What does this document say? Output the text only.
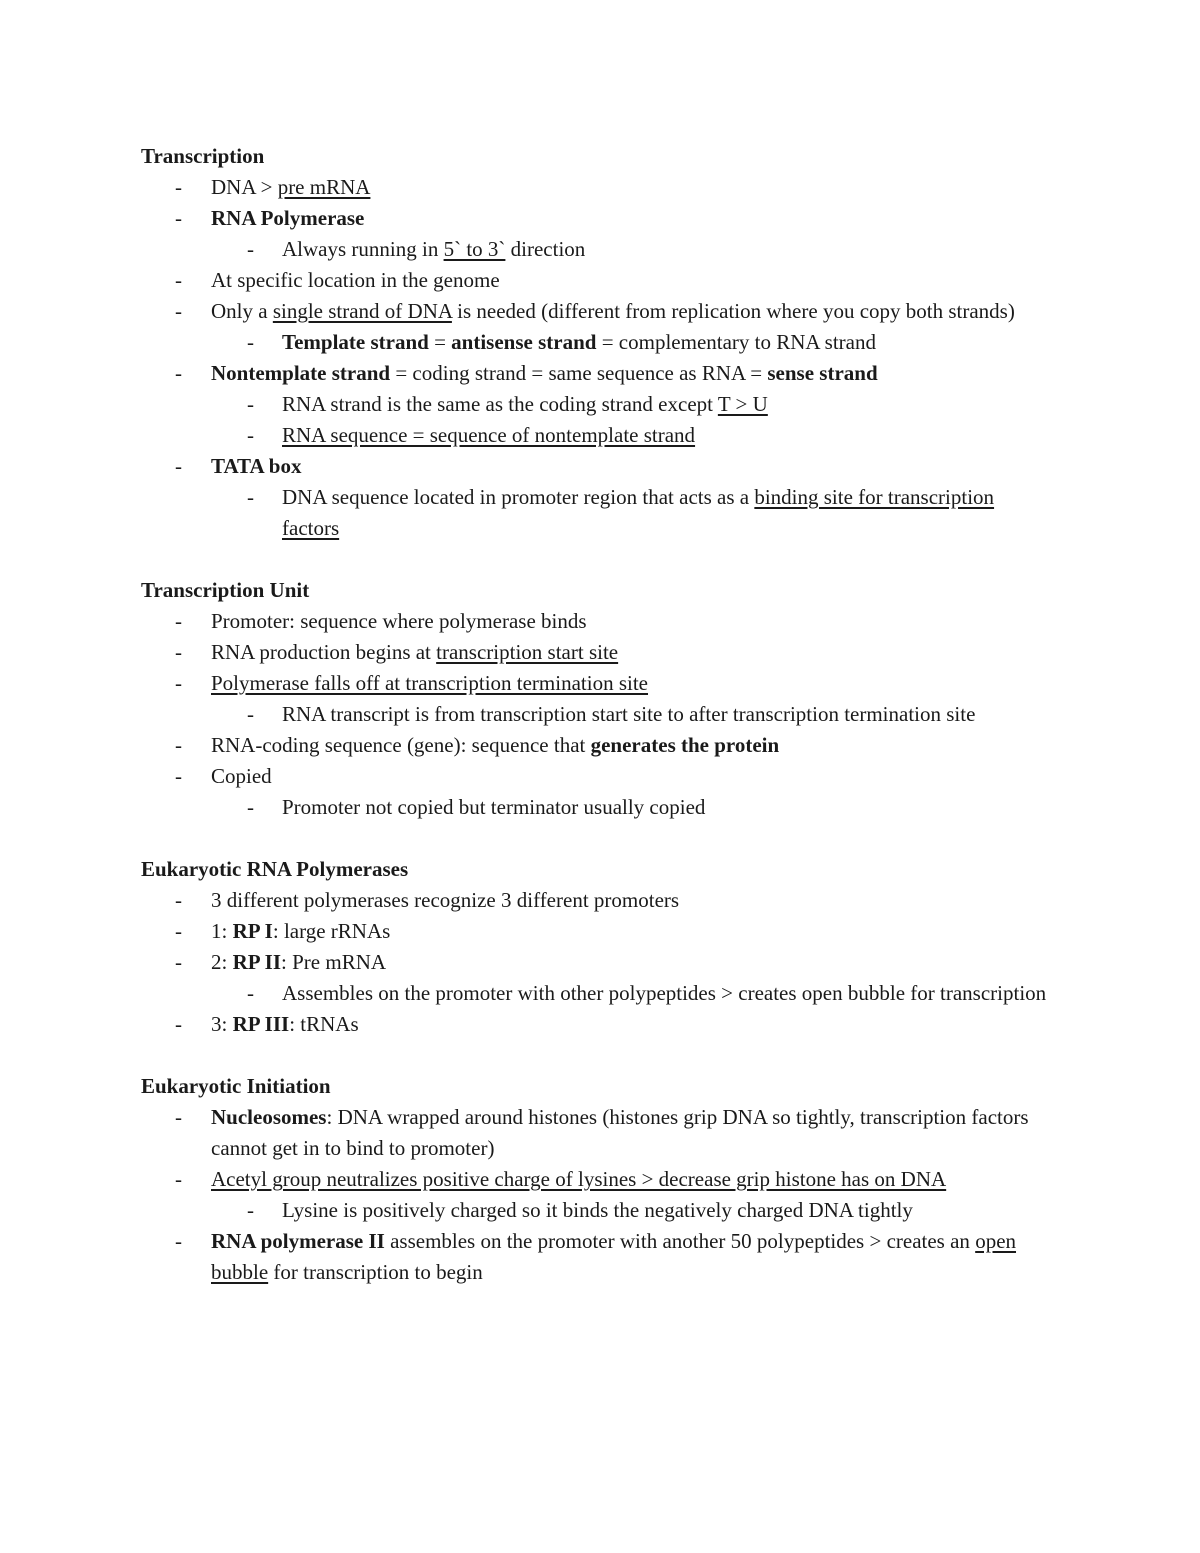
Transcription
- DNA > pre mRNA
- RNA Polymerase
- Always running in 5` to 3` direction
- At specific location in the genome
- Only a single strand of DNA is needed (different from replication where you copy both strands)
- Template strand = antisense strand = complementary to RNA strand
- Nontemplate strand = coding strand = same sequence as RNA = sense strand
- RNA strand is the same as the coding strand except T > U
- RNA sequence = sequence of nontemplate strand
- TATA box
- DNA sequence located in promoter region that acts as a binding site for transcription factors
Transcription Unit
- Promoter: sequence where polymerase binds
- RNA production begins at transcription start site
- Polymerase falls off at transcription termination site
- RNA transcript is from transcription start site to after transcription termination site
- RNA-coding sequence (gene): sequence that generates the protein
- Copied
- Promoter not copied but terminator usually copied
Eukaryotic RNA Polymerases
- 3 different polymerases recognize 3 different promoters
- 1: RP I: large rRNAs
- 2: RP II: Pre mRNA
- Assembles on the promoter with other polypeptides > creates open bubble for transcription
- 3: RP III: tRNAs
Eukaryotic Initiation
- Nucleosomes: DNA wrapped around histones (histones grip DNA so tightly, transcription factors cannot get in to bind to promoter)
- Acetyl group neutralizes positive charge of lysines > decrease grip histone has on DNA
- Lysine is positively charged so it binds the negatively charged DNA tightly
- RNA polymerase II assembles on the promoter with another 50 polypeptides > creates an open bubble for transcription to begin
